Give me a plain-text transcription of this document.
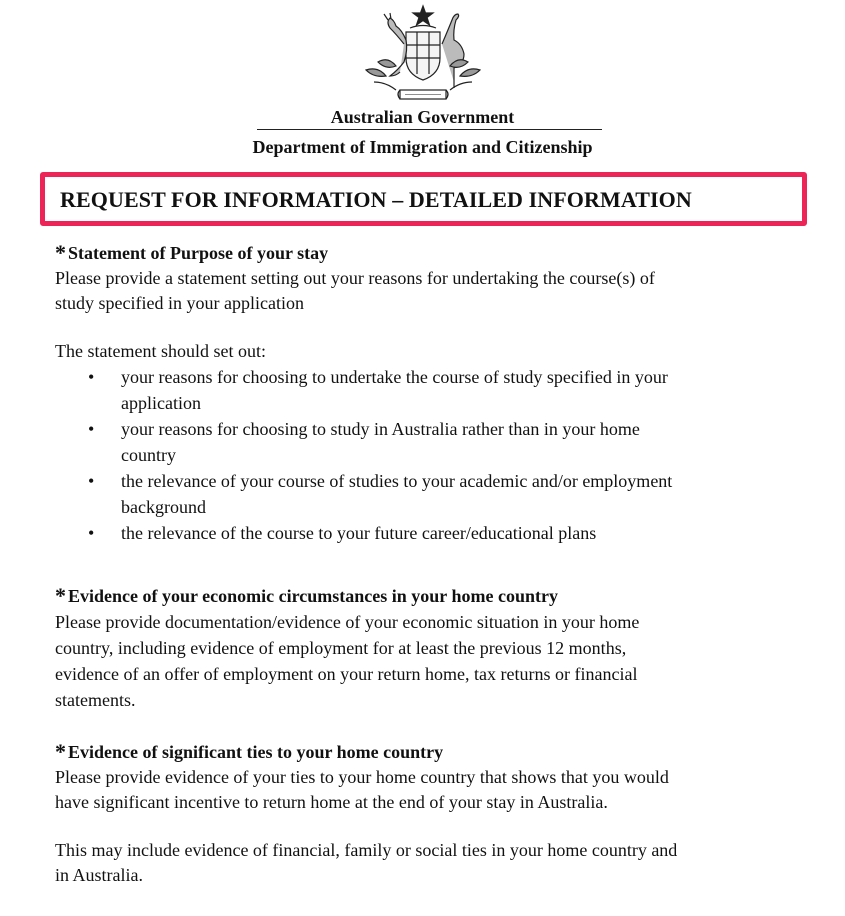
Australian Government
Department of Immigration and Citizenship
REQUEST FOR INFORMATION – DETAILED INFORMATION

* Statement of Purpose of your stay

Please provide a statement setting out your reasons for undertaking the course(s) of

study specified in your application

The statement should set out:

• your reasons for choosing to undertake the course of study specified in your
application
• your reasons for choosing to study in Australia rather than in your home
country
• the relevance of your course of studies to your academic and/or employment
background
• the relevance of the course to your future career/educational plans

* Evidence of your economic circumstances in your home country

Please provide documentation/evidence of your economic situation in your home

country, including evidence of employment for at least the previous 12 months,

evidence of an offer of employment on your return home, tax returns or financial

statements.

* Evidence of significant ties to your home country

Please provide evidence of your ties to your home country that shows that you would

have significant incentive to return home at the end of your stay in Australia.

This may include evidence of financial, family or social ties in your home country and

in Australia.
